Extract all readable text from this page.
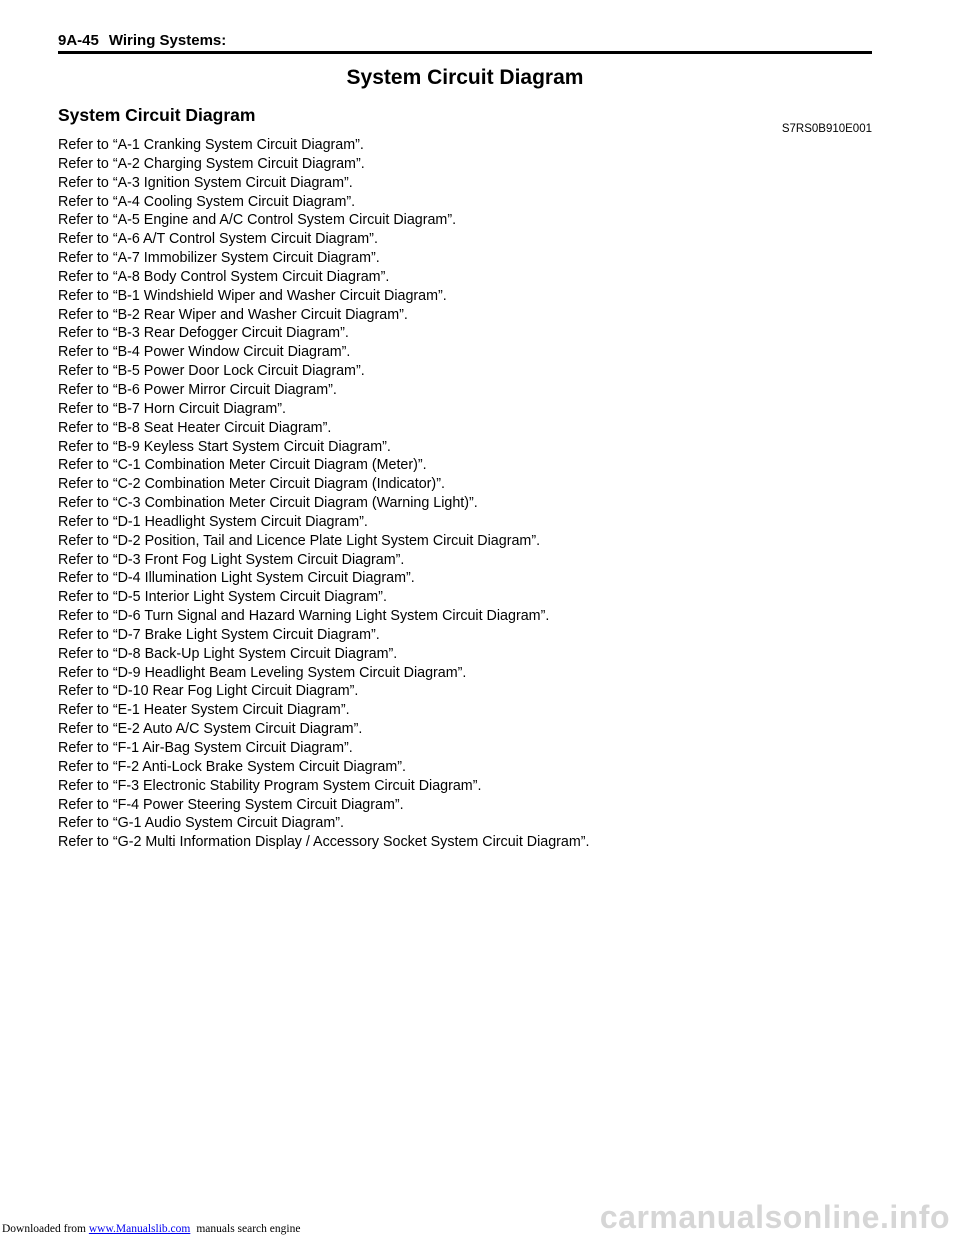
9A-45 Wiring Systems:
System Circuit Diagram
System Circuit Diagram
S7RS0B910E001
Refer to “A-1 Cranking System Circuit Diagram”.
Refer to “A-2 Charging System Circuit Diagram”.
Refer to “A-3 Ignition System Circuit Diagram”.
Refer to “A-4 Cooling System Circuit Diagram”.
Refer to “A-5 Engine and A/C Control System Circuit Diagram”.
Refer to “A-6 A/T Control System Circuit Diagram”.
Refer to “A-7 Immobilizer System Circuit Diagram”.
Refer to “A-8 Body Control System Circuit Diagram”.
Refer to “B-1 Windshield Wiper and Washer Circuit Diagram”.
Refer to “B-2 Rear Wiper and Washer Circuit Diagram”.
Refer to “B-3 Rear Defogger Circuit Diagram”.
Refer to “B-4 Power Window Circuit Diagram”.
Refer to “B-5 Power Door Lock Circuit Diagram”.
Refer to “B-6 Power Mirror Circuit Diagram”.
Refer to “B-7 Horn Circuit Diagram”.
Refer to “B-8 Seat Heater Circuit Diagram”.
Refer to “B-9 Keyless Start System Circuit Diagram”.
Refer to “C-1 Combination Meter Circuit Diagram (Meter)”.
Refer to “C-2 Combination Meter Circuit Diagram (Indicator)”.
Refer to “C-3 Combination Meter Circuit Diagram (Warning Light)”.
Refer to “D-1 Headlight System Circuit Diagram”.
Refer to “D-2 Position, Tail and Licence Plate Light System Circuit Diagram”.
Refer to “D-3 Front Fog Light System Circuit Diagram”.
Refer to “D-4 Illumination Light System Circuit Diagram”.
Refer to “D-5 Interior Light System Circuit Diagram”.
Refer to “D-6 Turn Signal and Hazard Warning Light System Circuit Diagram”.
Refer to “D-7 Brake Light System Circuit Diagram”.
Refer to “D-8 Back-Up Light System Circuit Diagram”.
Refer to “D-9 Headlight Beam Leveling System Circuit Diagram”.
Refer to “D-10 Rear Fog Light Circuit Diagram”.
Refer to “E-1 Heater System Circuit Diagram”.
Refer to “E-2 Auto A/C System Circuit Diagram”.
Refer to “F-1 Air-Bag System Circuit Diagram”.
Refer to “F-2 Anti-Lock Brake System Circuit Diagram”.
Refer to “F-3 Electronic Stability Program System Circuit Diagram”.
Refer to “F-4 Power Steering System Circuit Diagram”.
Refer to “G-1 Audio System Circuit Diagram”.
Refer to “G-2 Multi Information Display / Accessory Socket System Circuit Diagram”.
Downloaded from www.Manualslib.com manuals search engine	carmanualsonline.info
